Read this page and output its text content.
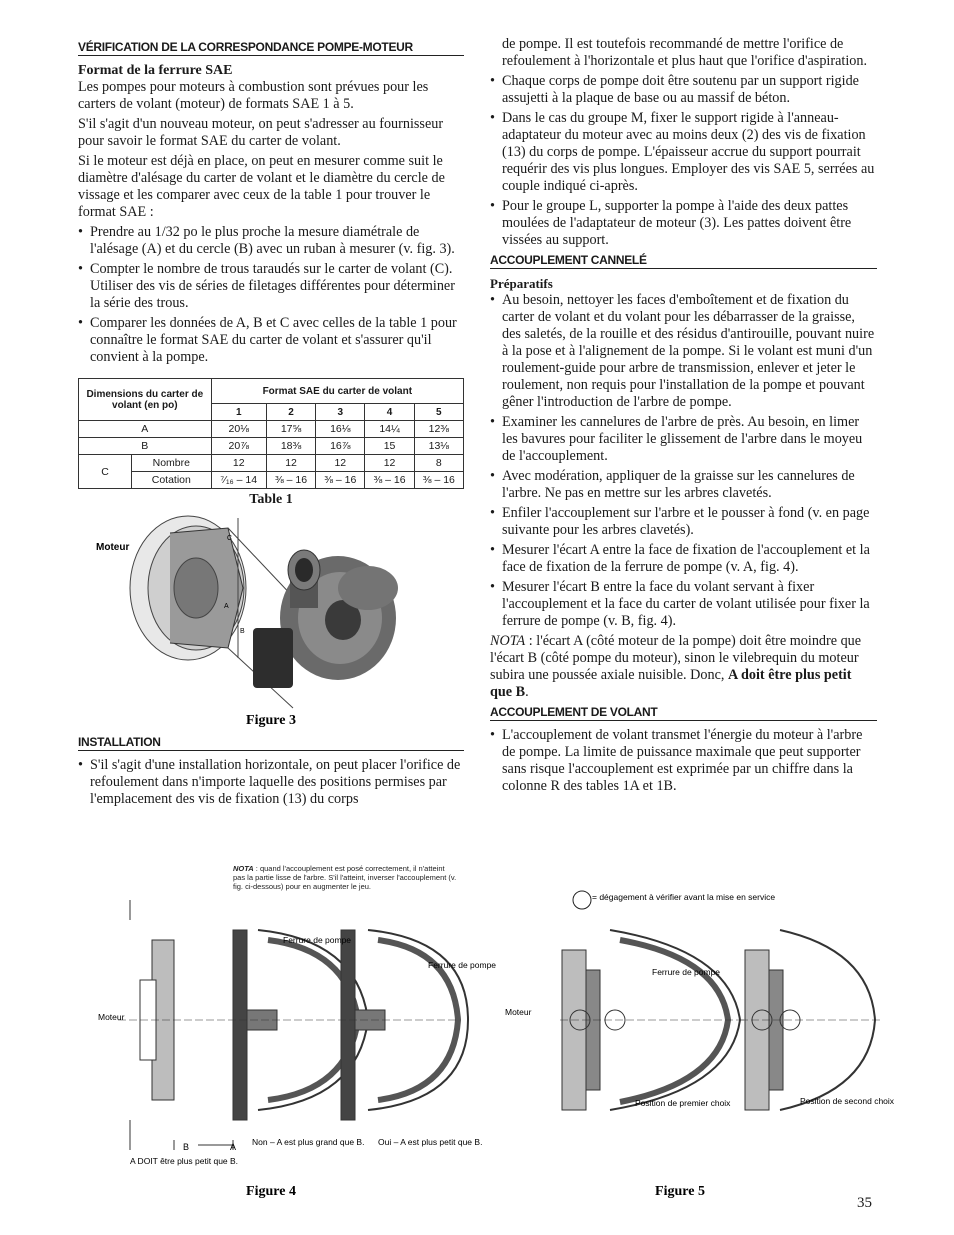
VÉRIFICATION DE LA CORRESPONDANCE POMPE-MOTEUR
Format de la ferrure SAE

Les pompes pour moteurs à combustion sont prévues pour les carters de volant (moteur) de formats SAE 1 à 5.

S'il s'agit d'un nouveau moteur, on peut s'adresser au fournisseur pour savoir le format SAE du carter de volant.

Si le moteur est déjà en place, on peut en mesurer comme suit le diamètre d'alésage du carter de volant et le diamètre du cercle de vissage et les comparer avec ceux de la table 1 pour trouver le format SAE :

• Prendre au 1/32 po le plus proche la mesure diamétrale de l'alésage (A) et du cercle (B) avec un ruban à mesurer (v. fig. 3).
• Compter le nombre de trous taraudés sur le carter de volant (C). Utiliser des vis de séries de filetages différentes pour déterminer la série des trous.
• Comparer les données de A, B et C avec celles de la table 1 pour connaître le format SAE du carter de volant et s'assurer qu'il convient à la pompe.
Dimensions du carter de volant (en po)		Format SAE du carter de volant				
		1	2	3	4	5
A		20⅛	17⅝	16⅛	14¼	12⅜
B		20⅞	18⅜	16⅞	15	13⅛
C	Nombre	12	12	12	12	8
	Cotation	⁷⁄₁₆ – 14	⅜ – 16	⅜ – 16	⅜ – 16	⅜ – 16
Table 1
Moteur
C
A
B
Figure 3
INSTALLATION
• S'il s'agit d'une installation horizontale, on peut placer l'orifice de refoulement dans n'importe laquelle des positions permises par l'emplacement des vis de fixation (13) du corps

de pompe. Il est toutefois recommandé de mettre l'orifice de refoulement à l'horizontale et plus haut que l'orifice d'aspiration.

• Chaque corps de pompe doit être soutenu par un support rigide assujetti à la plaque de base ou au massif de béton.
• Dans le cas du groupe M, fixer le support rigide à l'anneau-adaptateur du moteur avec au moins deux (2) des vis de fixation (13) du corps de pompe. L'épaisseur accrue du support pourrait requérir des vis plus longues. Employer des vis SAE 5, serrées au couple indiqué ci-après.
• Pour le groupe L, supporter la pompe à l'aide des deux pattes moulées de l'adaptateur de moteur (3). Les pattes doivent être vissées au support.
ACCOUPLEMENT CANNELÉ
Préparatifs
• Au besoin, nettoyer les faces d'emboîtement et de fixation du carter de volant et du volant pour les débarrasser de la graisse, des saletés, de la rouille et des résidus d'antirouille, pouvant nuire à la pose et à l'alignement de la pompe. Si le volant est muni d'un roulement-guide pour arbre de transmission, enlever et jeter le roulement, non requis pour l'installation de la pompe et pouvant gêner l'introduction de l'arbre de pompe.
• Examiner les cannelures de l'arbre de près. Au besoin, en limer les bavures pour faciliter le glissement de l'arbre dans le moyeu de l'accouplement.
• Avec modération, appliquer de la graisse sur les cannelures de l'arbre. Ne pas en mettre sur les arbres clavetés.
• Enfiler l'accouplement sur l'arbre et le pousser à fond (v. en page suivante pour les arbres clavetés).
• Mesurer l'écart A entre la face de fixation de l'accouplement et la face de fixation de la ferrure de pompe (v. A, fig. 4).
• Mesurer l'écart B entre la face du volant servant à fixer l'accouplement et la face du carter de volant utilisée pour fixer la ferrure de pompe (v. B, fig. 4).

NOTA : l'écart A (côté moteur de la pompe) doit être moindre que l'écart B (côté pompe du moteur), sinon le vilebrequin du moteur subira une poussée axiale nuisible. Donc, A doit être plus petit que B.

ACCOUPLEMENT DE VOLANT
• L'accouplement de volant transmet l'énergie du moteur à l'arbre de pompe. La limite de puissance maximale que peut supporter sans risque l'accouplement est exprimée par un chiffre dans la colonne R des tables 1A et 1B.
NOTA : quand l'accouplement est posé correctement, il n'atteint pas la partie lisse de l'arbre. S'il l'atteint, inverser l'accouplement (v. fig. ci-dessous) pour en augmenter le jeu.
Ferrure de pompe
Ferrure de pompe
Moteur
B	A
A DOIT être plus petit que B.
Non – A est plus grand que B. Oui – A est plus petit que B.
Figure 4
= dégagement à vérifier avant la mise en service
Ferrure de pompe
Moteur
Position de premier choix	Position de second choix
Figure 5
35
